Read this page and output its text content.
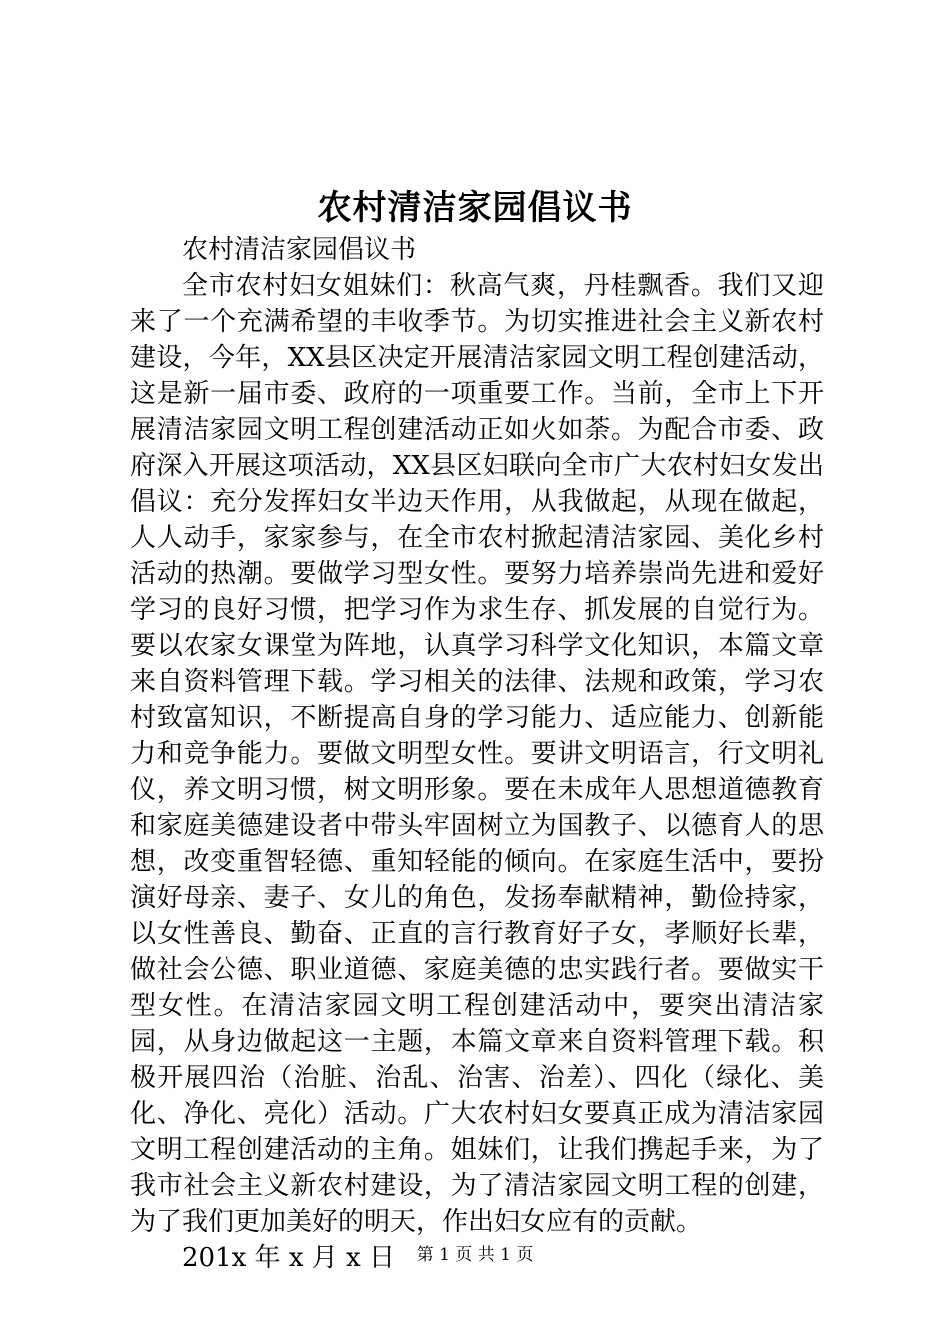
农村清洁家园倡议书

农村清洁家园倡议书

全市农村妇女姐妹们：秋高气爽，丹桂飘香。我们又迎来了一个充满希望的丰收季节。为切实推进社会主义新农村建设，今年，XX县区决定开展清洁家园文明工程创建活动，这是新一届市委、政府的一项重要工作。当前，全市上下开展清洁家园文明工程创建活动正如火如荼。为配合市委、政府深入开展这项活动，XX县区妇联向全市广大农村妇女发出倡议：充分发挥妇女半边天作用，从我做起，从现在做起，人人动手，家家参与，在全市农村掀起清洁家园、美化乡村活动的热潮。要做学习型女性。要努力培养崇尚先进和爱好学习的良好习惯，把学习作为求生存、抓发展的自觉行为。要以农家女课堂为阵地，认真学习科学文化知识，本篇文章来自资料管理下载。学习相关的法律、法规和政策，学习农村致富知识，不断提高自身的学习能力、适应能力、创新能力和竞争能力。要做文明型女性。要讲文明语言，行文明礼仪，养文明习惯，树文明形象。要在未成年人思想道德教育和家庭美德建设者中带头牢固树立为国教子、以德育人的思想，改变重智轻德、重知轻能的倾向。在家庭生活中，要扮演好母亲、妻子、女儿的角色，发扬奉献精神，勤俭持家，以女性善良、勤奋、正直的言行教育好子女，孝顺好长辈，做社会公德、职业道德、家庭美德的忠实践行者。要做实干型女性。在清洁家园文明工程创建活动中，要突出清洁家园，从身边做起这一主题，本篇文章来自资料管理下载。积极开展四治（治脏、治乱、治害、治差）、四化（绿化、美化、净化、亮化）活动。广大农村妇女要真正成为清洁家园文明工程创建活动的主角。姐妹们，让我们携起手来，为了我市社会主义新农村建设，为了清洁家园文明工程的创建，为了我们更加美好的明天，作出妇女应有的贡献。

201x 年 x 月 x 日	第 1 页 共 1 页
